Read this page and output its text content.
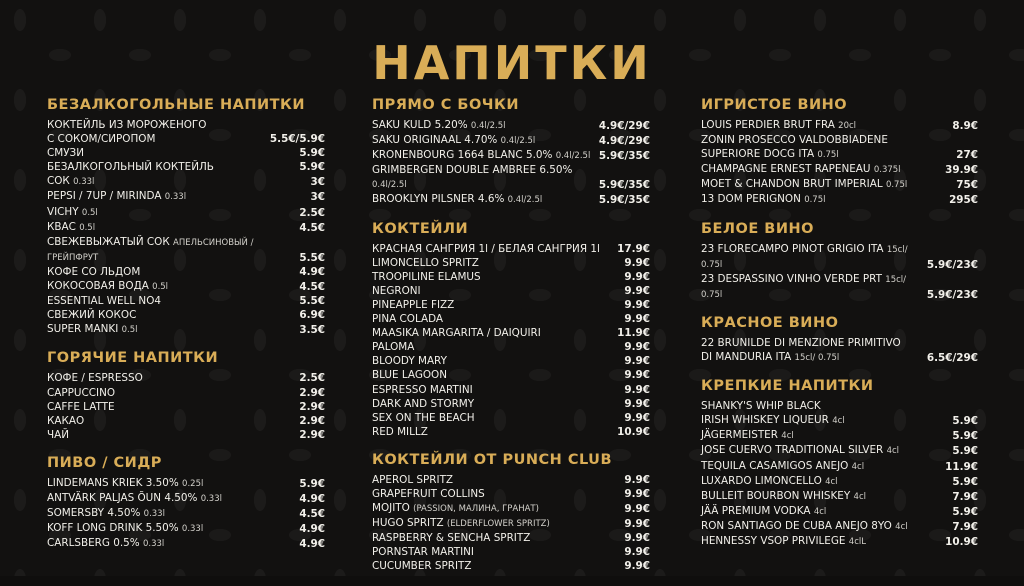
НАПИТКИ
БЕЗАЛКОГОЛЬНЫЕ НАПИТКИ
КОКТЕЙЛЬ ИЗ МОРОЖЕНОГО
С СОКОМ/СИРОПОМ	5.5€/5.9€
СМУЗИ	5.9€
БЕЗАЛКОГОЛЬНЫЙ КОКТЕЙЛЬ	5.9€
СОК 0.33l	3€
PEPSI / 7UP / MIRINDA 0.33l	3€
VICHY 0.5l	2.5€
КВАС 0.5l	4.5€
СВЕЖЕВЫЖАТЫЙ СОК АПЕЛЬСИНОВЫЙ / ГРЕЙПФРУТ	5.5€
КОФЕ СО ЛЬДОМ	4.9€
КОКОСОВАЯ ВОДА 0.5l	4.5€
ESSENTIAL WELL NO4	5.5€
СВЕЖИЙ КОКОС	6.9€
SUPER MANKI 0.5l	3.5€
ГОРЯЧИЕ НАПИТКИ
КОФЕ / ESPRESSO	2.5€
CAPPUCCINO	2.9€
CAFFE LATTE	2.9€
КАКАО	2.9€
ЧАЙ	2.9€
ПИВО / СИДР
LINDEMANS KRIEK 3.50% 0.25l	5.9€
ANTVÄRK PALJAS ÕUN 4.50% 0.33l	4.9€
SOMERSBY 4.50% 0.33l	4.5€
KOFF LONG DRINK 5.50% 0.33l	4.9€
CARLSBERG 0.5% 0.33l	4.9€
ПРЯМО С БОЧКИ
SAKU KULD 5.20% 0.4l/2.5l	4.9€/29€
SAKU ORIGINAAL 4.70% 0.4l/2.5l	4.9€/29€
KRONENBOURG 1664 BLANC 5.0% 0.4l/2.5l 5.9€/35€
GRIMBERGEN DOUBLE AMBREE 6.50% 0.4l/2.5l	5.9€/35€
BROOKLYN PILSNER 4.6% 0.4l/2.5l	5.9€/35€
КОКТЕЙЛИ
КРАСНАЯ САНГРИЯ 1l / БЕЛАЯ САНГРИЯ 1l	17.9€
LIMONCELLO SPRITZ	9.9€
TROOPILINE ELAMUS	9.9€
NEGRONI	9.9€
PINEAPPLE FIZZ	9.9€
PINA COLADA	9.9€
MAASIKA MARGARITA / DAIQUIRI	11.9€
PALOMA	9.9€
BLOODY MARY	9.9€
BLUE LAGOON	9.9€
ESPRESSO MARTINI	9.9€
DARK AND STORMY	9.9€
SEX ON THE BEACH	9.9€
RED MILLZ	10.9€
КОКТЕЙЛИ ОТ PUNCH CLUB
APEROL SPRITZ	9.9€
GRAPEFRUIT COLLINS	9.9€
MOJITO (PASSION, МАЛИНА, ГРАНАТ)	9.9€
HUGO SPRITZ (ELDERFLOWER SPRITZ)	9.9€
RASPBERRY & SENCHA SPRITZ	9.9€
PORNSTAR MARTINI	9.9€
CUCUMBER SPRITZ	9.9€
ИГРИСТОЕ ВИНО
LOUIS PERDIER BRUT FRA 20cl	8.9€
ZONIN PROSECCO VALDOBBIADENE
SUPERIORE DOCG ITA 0.75l	27€
CHAMPAGNE ERNEST RAPENEAU 0.375l	39.9€
MOET & CHANDON BRUT IMPERIAL 0.75l	75€
13 DOM PERIGNON 0.75l	295€
БЕЛОЕ ВИНО
23 FLORECAMPO PINOT GRIGIO ITA 15cl/ 0.75l	5.9€/23€
23 DESPASSINO VINHO VERDE PRT 15cl/ 0.75l	5.9€/23€
КРАСНОЕ ВИНО
22 BRUNILDE DI MENZIONE PRIMITIVO
DI MANDURIA ITA 15cl/ 0.75l	6.5€/29€
КРЕПКИЕ НАПИТКИ
SHANKY'S WHIP BLACK
IRISH WHISKEY LIQUEUR 4cl	5.9€
JÄGERMEISTER 4cl	5.9€
JOSE CUERVO TRADITIONAL SILVER 4cl	5.9€
TEQUILA CASAMIGOS ANEJO 4cl	11.9€
LUXARDO LIMONCELLO 4cl	5.9€
BULLEIT BOURBON WHISKEY 4cl	7.9€
JÄÄ PREMIUM VODKA 4cl	5.9€
RON SANTIAGO DE CUBA ANEJO 8YO 4cl	7.9€
HENNESSY VSOP PRIVILEGE 4clL	10.9€
